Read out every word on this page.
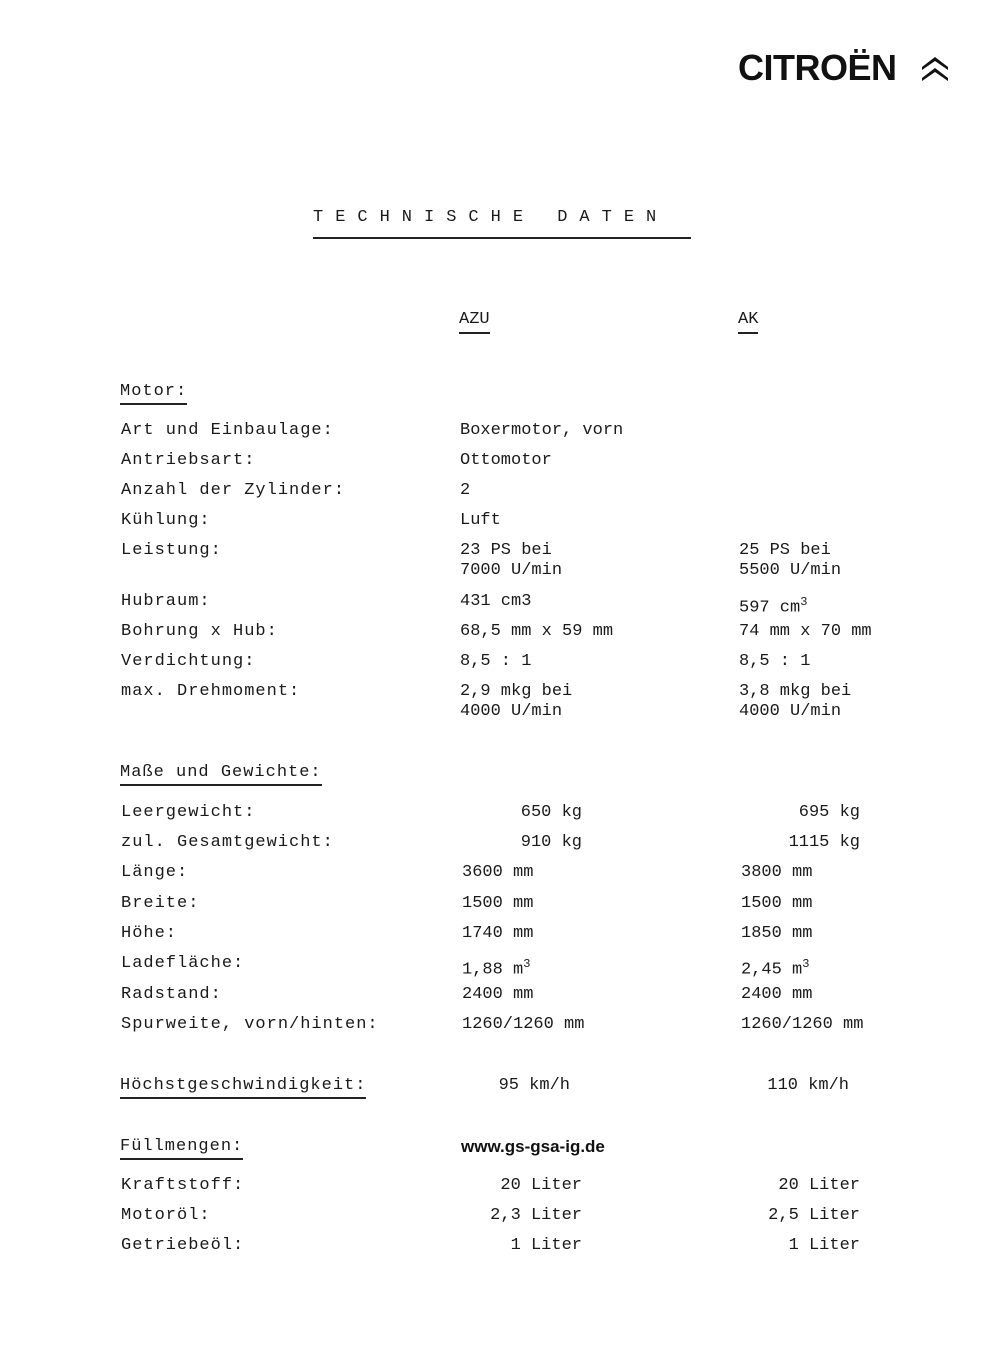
CITROËN
TECHNISCHE DATEN
AZU	AK
Motor:
Art und Einbaulage:	Boxermotor, vorn
Antriebsart:	Ottomotor
Anzahl der Zylinder:	2
Kühlung:	Luft
Leistung:	23 PS bei	25 PS bei
7000 U/min	5500 U/min
Hubraum:	431 cm3	597 $cm^3$
Bohrung x Hub:	68,5 mm x 59 mm	74 mm x 70 mm
Verdichtung:	8,5 : 1	8,5 : 1
max. Drehmoment:	2,9 mkg bei	3,8 mkg bei
4000 U/min	4000 U/min
Maße und Gewichte:
Leergewicht:	650 kg	695 kg
zul. Gesamtgewicht:	910 kg	1115 kg
Länge:	3600 mm	3800 mm
Breite:	1500 mm	1500 mm
Höhe:	1740 mm	1850 mm
Ladefläche:	1,88 $m^3$	2,45 $m^3$
Radstand:	2400 mm	2400 mm
Spurweite, vorn/hinten:	1260/1260 mm	1260/1260 mm
Höchstgeschwindigkeit:	95 km/h	110 km/h
Füllmengen:	www.gs-gsa-ig.de
Kraftstoff:	20 Liter	20 Liter
Motoröl:	2,3 Liter	2,5 Liter
Getriebeöl:	1 Liter	1 Liter
